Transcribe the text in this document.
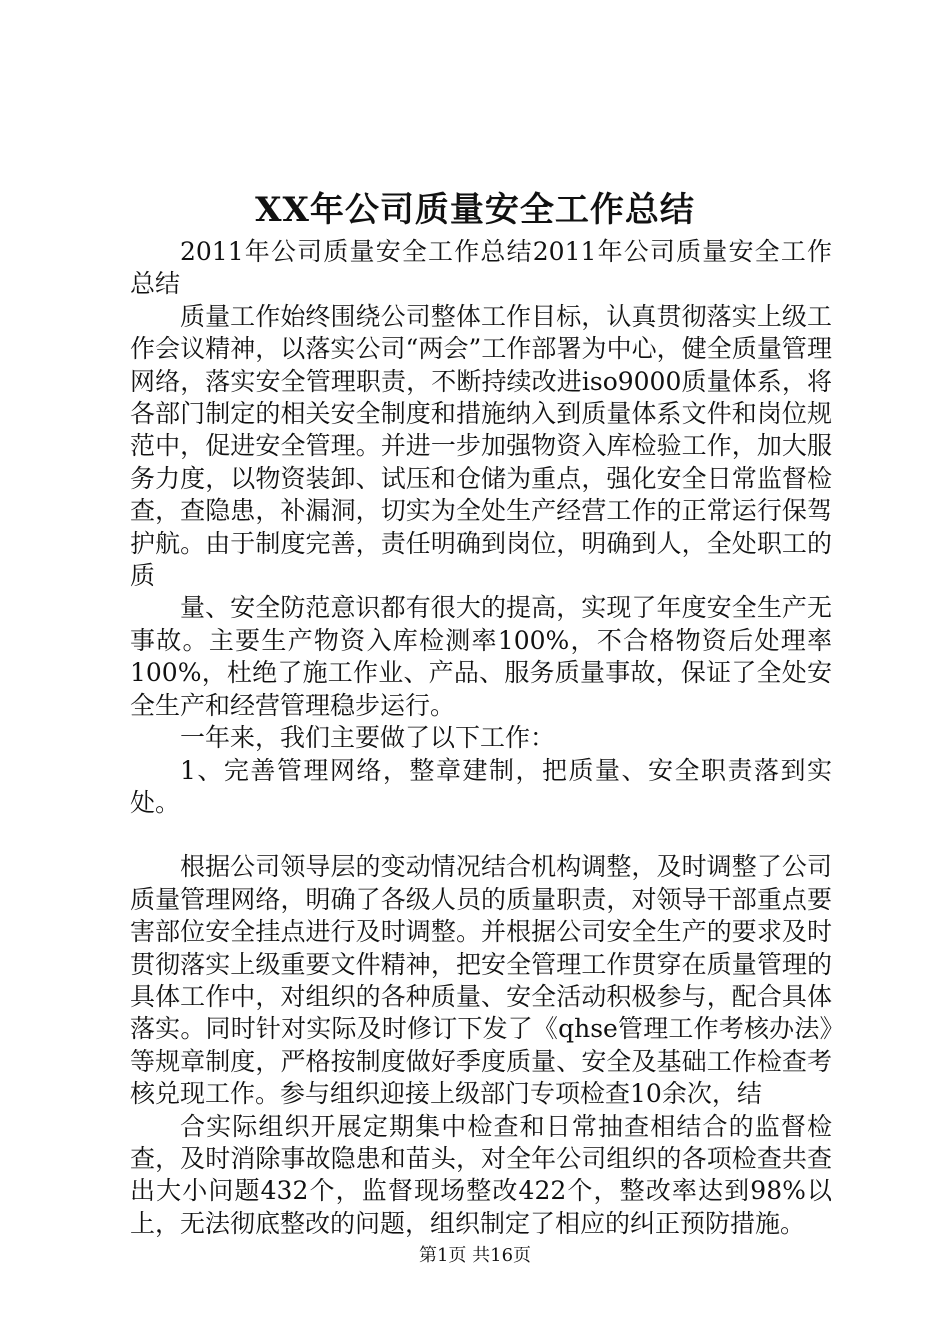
XX年公司质量安全工作总结

2011年公司质量安全工作总结2011年公司质量安全工作总结

质量工作始终围绕公司整体工作目标，认真贯彻落实上级工作会议精神，以落实公司“两会”工作部署为中心，健全质量管理网络，落实安全管理职责，不断持续改进iso9000质量体系，将各部门制定的相关安全制度和措施纳入到质量体系文件和岗位规范中，促进安全管理。并进一步加强物资入库检验工作，加大服务力度，以物资装卸、试压和仓储为重点，强化安全日常监督检查，查隐患，补漏洞，切实为全处生产经营工作的正常运行保驾护航。由于制度完善，责任明确到岗位，明确到人，全处职工的质

量、安全防范意识都有很大的提高，实现了年度安全生产无事故。主要生产物资入库检测率100%，不合格物资后处理率100%，杜绝了施工作业、产品、服务质量事故，保证了全处安全生产和经营管理稳步运行。

一年来，我们主要做了以下工作：

1、完善管理网络，整章建制，把质量、安全职责落到实处。

根据公司领导层的变动情况结合机构调整，及时调整了公司质量管理网络，明确了各级人员的质量职责，对领导干部重点要害部位安全挂点进行及时调整。并根据公司安全生产的要求及时贯彻落实上级重要文件精神，把安全管理工作贯穿在质量管理的具体工作中，对组织的各种质量、安全活动积极参与，配合具体落实。同时针对实际及时修订下发了《qhse管理工作考核办法》等规章制度，严格按制度做好季度质量、安全及基础工作检查考核兑现工作。参与组织迎接上级部门专项检查10余次，结

合实际组织开展定期集中检查和日常抽查相结合的监督检查，及时消除事故隐患和苗头，对全年公司组织的各项检查共查出大小问题432个，监督现场整改422个，整改率达到98%以上，无法彻底整改的问题，组织制定了相应的纠正预防措施。

第1页 共16页
